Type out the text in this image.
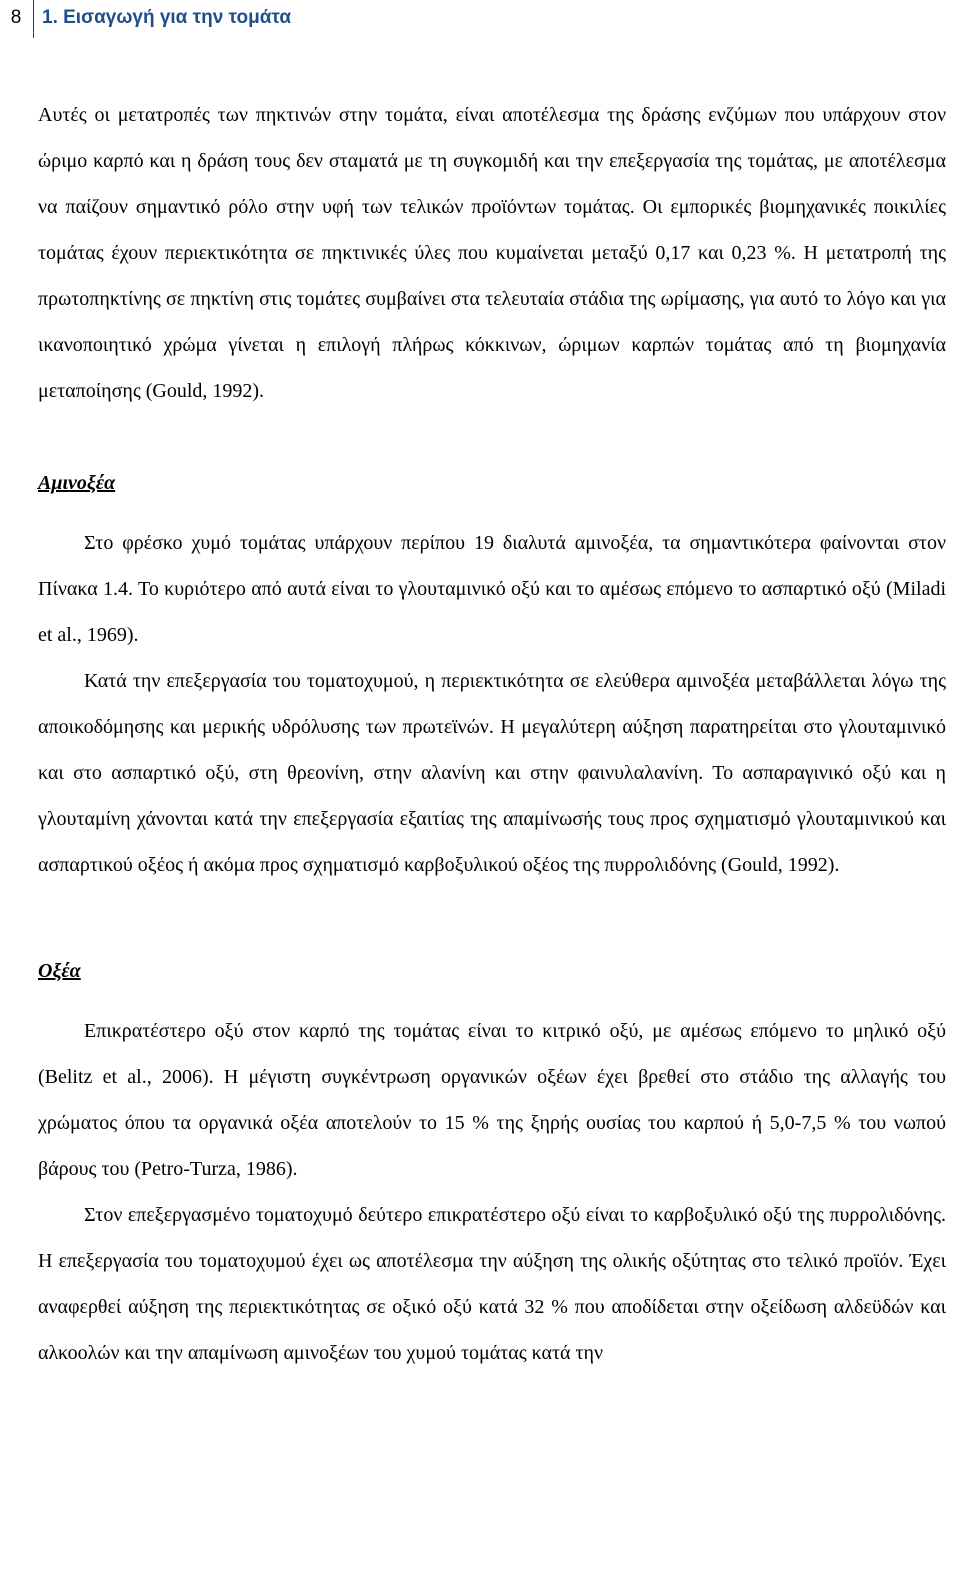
8	1. Εισαγωγή για την τομάτα

Αυτές οι μετατροπές των πηκτινών στην τομάτα, είναι αποτέλεσμα της δράσης ενζύμων που υπάρχουν στον ώριμο καρπό και η δράση τους δεν σταματά με τη συγκομιδή και την επεξεργασία της τομάτας, με αποτέλεσμα να παίζουν σημαντικό ρόλο στην υφή των τελικών προϊόντων τομάτας. Οι εμπορικές βιομηχανικές ποικιλίες τομάτας έχουν περιεκτικότητα σε πηκτινικές ύλες που κυμαίνεται μεταξύ 0,17 και 0,23 %. Η μετατροπή της πρωτοπηκτίνης σε πηκτίνη στις τομάτες συμβαίνει στα τελευταία στάδια της ωρίμασης, για αυτό το λόγο και για ικανοποιητικό χρώμα γίνεται η επιλογή πλήρως κόκκινων, ώριμων καρπών τομάτας από τη βιομηχανία μεταποίησης (Gould, 1992).

Αμινοξέα

Στο φρέσκο χυμό τομάτας υπάρχουν περίπου 19 διαλυτά αμινοξέα, τα σημαντικότερα φαίνονται στον Πίνακα 1.4. Το κυριότερο από αυτά είναι το γλουταμινικό οξύ και το αμέσως επόμενο το ασπαρτικό οξύ (Miladi et al., 1969).

Κατά την επεξεργασία του τοματοχυμού, η περιεκτικότητα σε ελεύθερα αμινοξέα μεταβάλλεται λόγω της αποικοδόμησης και μερικής υδρόλυσης των πρωτεϊνών. Η μεγαλύτερη αύξηση παρατηρείται στο γλουταμινικό και στο ασπαρτικό οξύ, στη θρεονίνη, στην αλανίνη και στην φαινυλαλανίνη. Το ασπαραγινικό οξύ και η γλουταμίνη χάνονται κατά την επεξεργασία εξαιτίας της απαμίνωσής τους προς σχηματισμό γλουταμινικού και ασπαρτικού οξέος ή ακόμα προς σχηματισμό καρβοξυλικού οξέος της πυρρολιδόνης (Gould, 1992).

Οξέα

Επικρατέστερο οξύ στον καρπό της τομάτας είναι το κιτρικό οξύ, με αμέσως επόμενο το μηλικό οξύ (Belitz et al., 2006). Η μέγιστη συγκέντρωση οργανικών οξέων έχει βρεθεί στο στάδιο της αλλαγής του χρώματος όπου τα οργανικά οξέα αποτελούν το 15 % της ξηρής ουσίας του καρπού ή 5,0-7,5 % του νωπού βάρους του (Petro-Turza, 1986).

Στον επεξεργασμένο τοματοχυμό δεύτερο επικρατέστερο οξύ είναι το καρβοξυλικό οξύ της πυρρολιδόνης. Η επεξεργασία του τοματοχυμού έχει ως αποτέλεσμα την αύξηση της ολικής οξύτητας στο τελικό προϊόν. Έχει αναφερθεί αύξηση της περιεκτικότητας σε οξικό οξύ κατά 32 % που αποδίδεται στην οξείδωση αλδεϋδών και αλκοολών και την απαμίνωση αμινοξέων του χυμού τομάτας κατά την
